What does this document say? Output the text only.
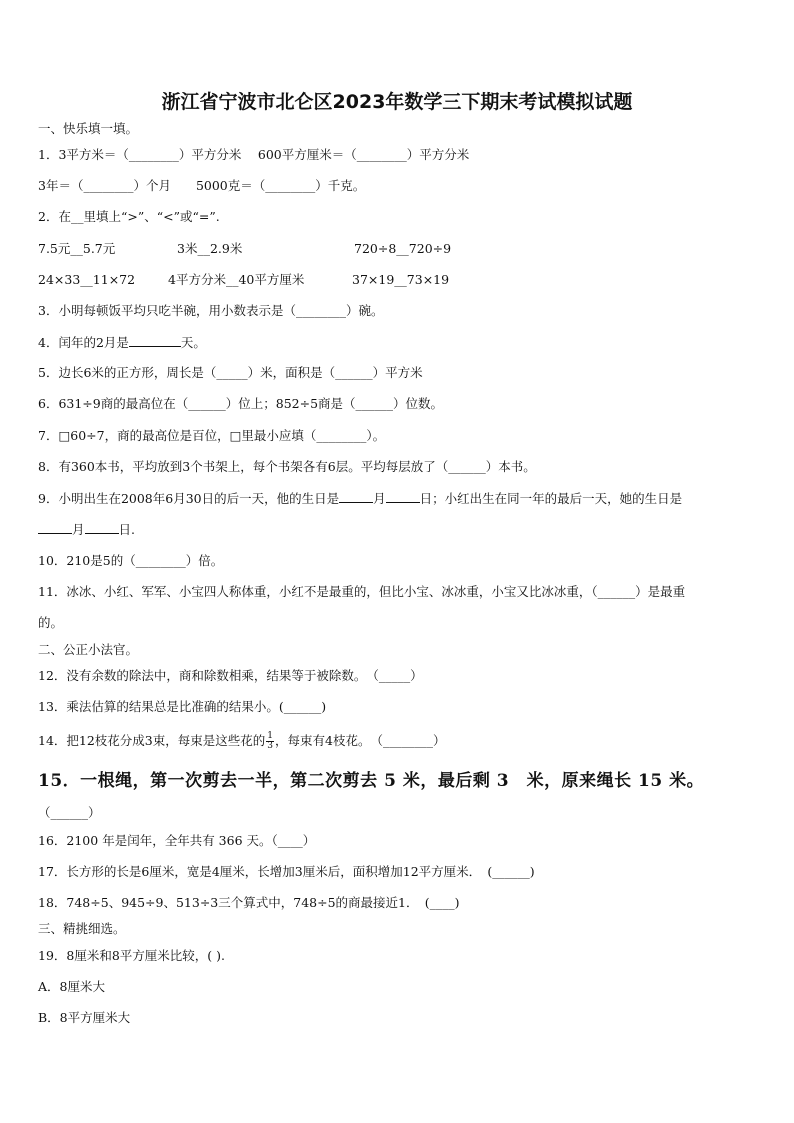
浙江省宁波市北仑区2023年数学三下期末考试模拟试题
一、快乐填一填。
1．3平方米＝（________）平方分米　 600平方厘米＝（________）平方分米
3年＝（________）个月　　5000克＝（________）千克。
2．在__里填上“>”、“<”或“=”.
7.5元__5.7元	3米__2.9米	720÷8__720÷9
24×33__11×72	4平方分米__40平方厘米	37×19__73×19
3．小明每顿饭平均只吃半碗，用小数表示是（________）碗。
4．闰年的2月是	天。
5．边长6米的正方形，周长是（_____）米，面积是（______）平方米
6．631÷9商的最高位在（______）位上；852÷5商是（______）位数。
7．□60÷7，商的最高位是百位，□里最小应填（________）。
8．有360本书，平均放到3个书架上，每个书架各有6层。平均每层放了（______）本书。
9．小明出生在2008年6月30日的后一天，他的生日是	月	日；小红出生在同一年的最后一天，她的生日是
月	日.
10．210是5的（________）倍。
11．冰冰、小红、军军、小宝四人称体重，小红不是最重的，但比小宝、冰冰重，小宝又比冰冰重，（______）是最重
的。
二、公正小法官。
12．没有余数的除法中，商和除数相乘，结果等于被除数。　（_____）
13．乘法估算的结果总是比准确的结果小。(______)
14．把12枝花分成3束，每束是这些花的 $\frac{1}{3}$ ，每束有4枝花。　（________）
15．一根绳，第一次剪去一半，第二次剪去 5 米，最后剩 3　米，原来绳长 15 米。
（______）
16．2100 年是闰年，全年共有 366 天。（____）
17．长方形的长是6厘米，宽是4厘米，长增加3厘米后，面积增加12平方厘米．　(______)
18．748÷5、945÷9、513÷3三个算式中，748÷5的商最接近1．　(____)
三、精挑细选。
19．8厘米和8平方厘米比较，( ).
A．8厘米大
B．8平方厘米大
